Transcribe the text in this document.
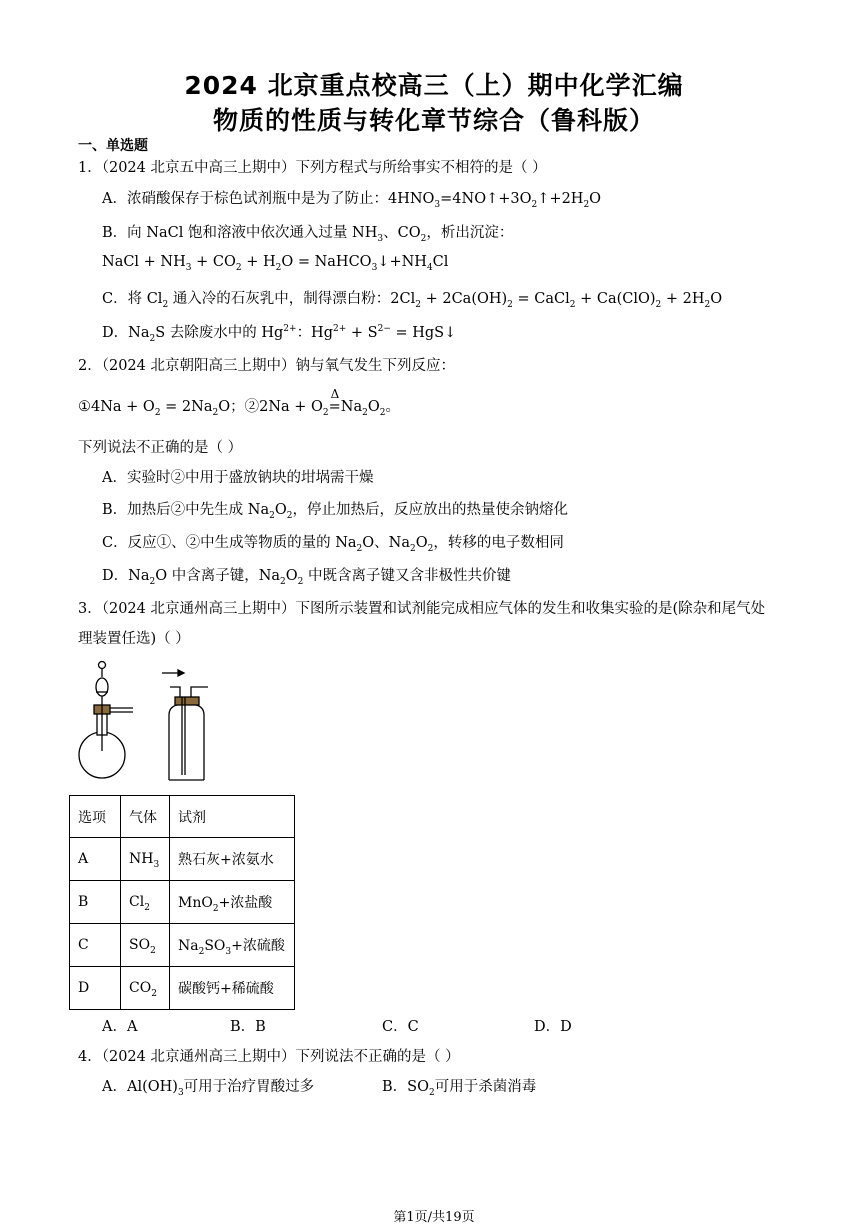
2024 北京重点校高三（上）期中化学汇编
物质的性质与转化章节综合（鲁科版）
一、单选题
1．（2024 北京五中高三上期中）下列方程式与所给事实不相符的是（ ）
A．浓硝酸保存于棕色试剂瓶中是为了防止：$4HNO_3=4NO↑+3O_2↑+2H_2O$
B．向 NaCl 饱和溶液中依次通入过量 $NH_3$、$CO_2$，析出沉淀：
NaCl + $NH_3 + CO_2 + H_2O$ = $NaHCO_3↓+NH_4Cl$
C．将 $Cl_2$ 通入冷的石灰乳中，制得漂白粉：$2Cl_2 + 2Ca(OH)_2$ = CaCl$_2$ + $Ca(ClO)_2 + 2H_2O$
D．$Na_2S$ 去除废水中的 $Hg^{2+}$：$Hg^{2+} + S^{2-}$ = HgS↓
2．（2024 北京朝阳高三上期中）钠与氧气发生下列反应：
①4Na + $O_2 = 2Na_2O$；②2Na + $O_2$
Δ
$=Na_2O_2$。
下列说法不正确的是（ ）
A．实验时②中用于盛放钠块的坩埚需干燥
B．加热后②中先生成 $Na_2O_2$，停止加热后，反应放出的热量使余钠熔化
C．反应①、②中生成等物质的量的 $Na_2O$、$Na_2O_2$，转移的电子数相同
D．$Na_2O$ 中含离子键，$Na_2O_2$ 中既含离子键又含非极性共价键
3．（2024 北京通州高三上期中）下图所示装置和试剂能完成相应气体的发生和收集实验的是(除杂和尾气处
理装置任选)（ ）
选项	气体	试剂
A	$NH_3$	熟石灰+浓氨水
B	$Cl_2$	MnO$_2$+浓盐酸
C	$SO_2$	$Na_2SO_3+$浓硫酸
D	$CO_2$	碳酸钙+稀硫酸
A．A	B．B	C．C	D．D
4．（2024 北京通州高三上期中）下列说法不正确的是（ ）
A．$Al(OH)_3$可用于治疗胃酸过多	B．$SO_2$可用于杀菌消毒
第1页/共19页
